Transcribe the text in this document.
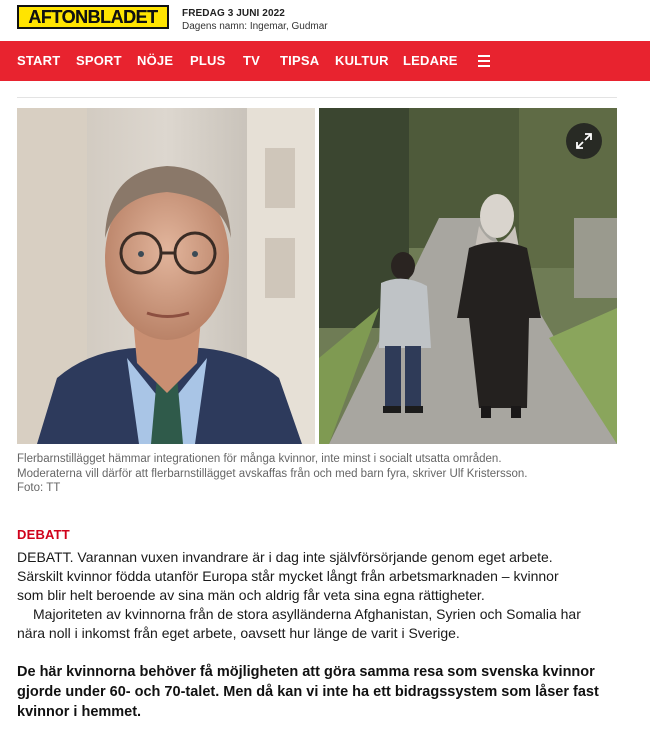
AFTONBLADET FREDAG 3 JUNI 2022
Dagens namn: Ingemar, Gudmar
START SPORT NÖJE PLUS TV TIPSA KULTUR LEDARE
Flerbarnstillägget hämmar integrationen för många kvinnor, inte minst i socialt utsatta områden.
Moderaterna vill därför att flerbarnstillägget avskaffas från och med barn fyra, skriver Ulf Kristersson.
Foto: TT
DEBATT
DEBATT. Varannan vuxen invandrare är i dag inte självförsörjande genom eget arbete.
Särskilt kvinnor födda utanför Europa står mycket långt från arbetsmarknaden – kvinnor
som blir helt beroende av sina män och aldrig får veta sina egna rättigheter.
Majoriteten av kvinnorna från de stora asylländerna Afghanistan, Syrien och Somalia har
nära noll i inkomst från eget arbete, oavsett hur länge de varit i Sverige.
De här kvinnorna behöver få möjligheten att göra samma resa som svenska kvinnor
gjorde under 60- och 70-talet. Men då kan vi inte ha ett bidragssystem som låser fast
kvinnor i hemmet.
